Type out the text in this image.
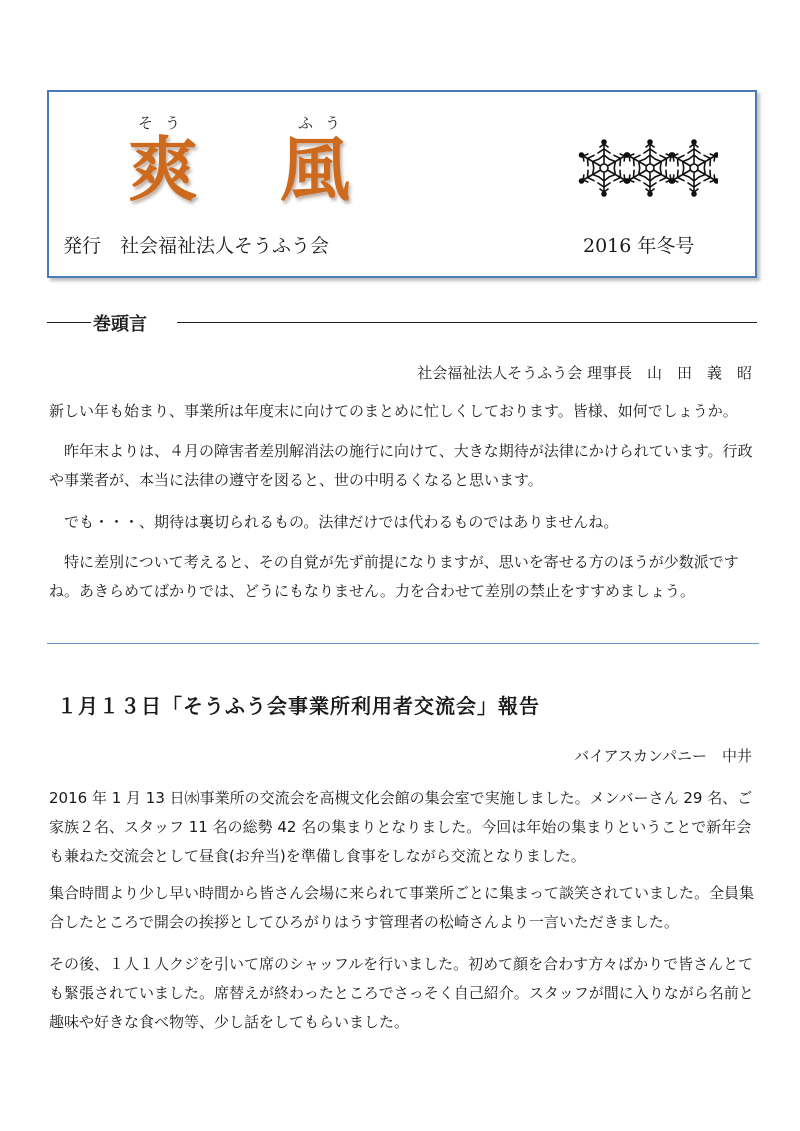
そう	ふう
爽 風
発行　社会福祉法人そうふう会	2016 年冬号
巻頭言
社会福祉法人そうふう会 理事長　山　田　義　昭

新しい年も始まり、事業所は年度末に向けてのまとめに忙しくしております。皆様、如何でしょうか。

　昨年末よりは、４月の障害者差別解消法の施行に向けて、大きな期待が法律にかけられています。行政や事業者が、本当に法律の遵守を図ると、世の中明るくなると思います。

　でも・・・、期待は裏切られるもの。法律だけでは代わるものではありませんね。

　特に差別について考えると、その自覚が先ず前提になりますが、思いを寄せる方のほうが少数派ですね。あきらめてばかりでは、どうにもなりません。力を合わせて差別の禁止をすすめましょう。

１月１３日「そうふう会事業所利用者交流会」報告
バイアスカンパニー　中井

2016 年 1 月 13 日㈬事業所の交流会を高槻文化会館の集会室で実施しました。メンバーさん 29 名、ご家族２名、スタッフ 11 名の総勢 42 名の集まりとなりました。今回は年始の集まりということで新年会も兼ねた交流会として昼食(お弁当)を準備し食事をしながら交流となりました。

集合時間より少し早い時間から皆さん会場に来られて事業所ごとに集まって談笑されていました。全員集合したところで開会の挨拶としてひろがりはうす管理者の松崎さんより一言いただきました。

その後、１人１人クジを引いて席のシャッフルを行いました。初めて顔を合わす方々ばかりで皆さんとても緊張されていました。席替えが終わったところでさっそく自己紹介。スタッフが間に入りながら名前と趣味や好きな食べ物等、少し話をしてもらいました。
